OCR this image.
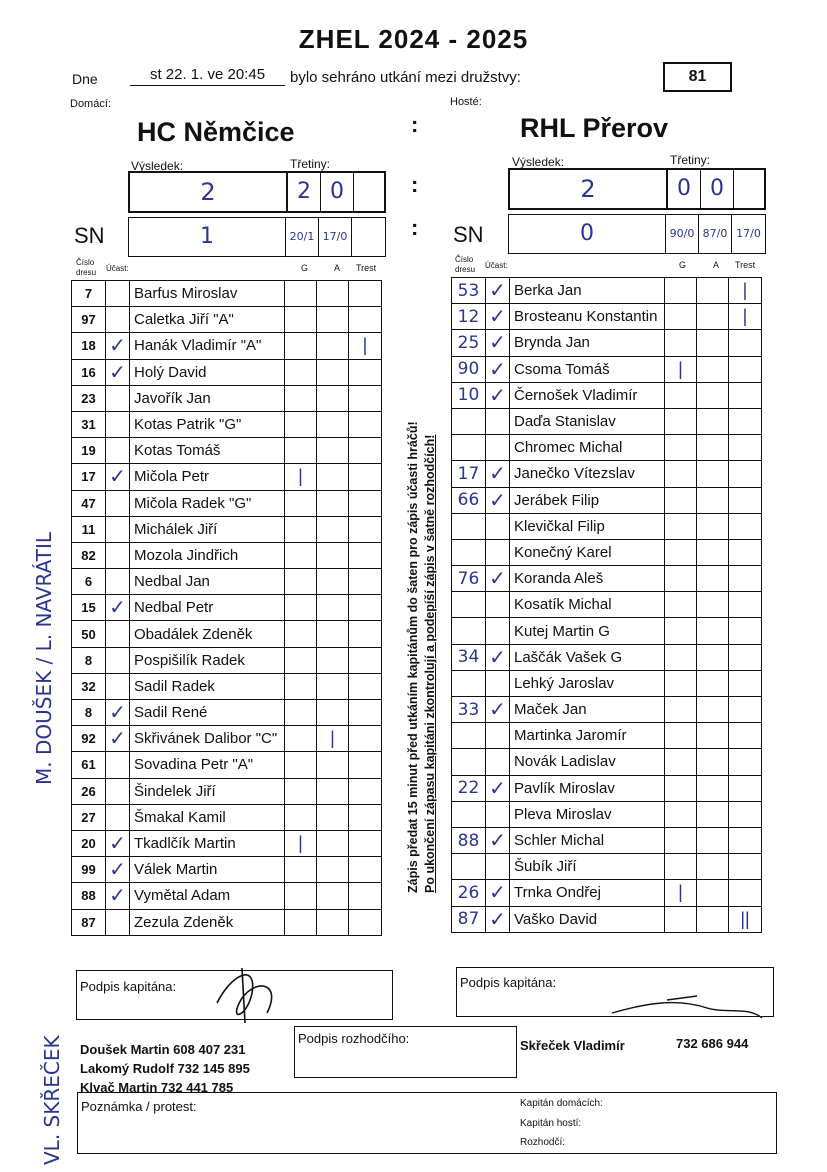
ZHEL 2024 - 2025
Dne	st 22. 1. ve 20:45	bylo sehráno utkání mezi družstvy:	81
Domácí:	Hosté:
HC Němčice	RHL Přerov
:
:
:
Výsledek:	Třetiny:
2	2 0
SN	1	20/1 17/0
Výsledek:	Třetiny:
2	0 0
SN	0	90/0 87/0 17/0
Číslo dresu	Účast:	G	A Trest
Číslo dresu	Účast:	G	A Trest
7		Barfus Miroslav			
97		Caletka Jiří "A"			
18	✓	Hanák Vladimír "A"			|
16	✓	Holý David			
23		Javořík Jan			
31		Kotas Patrik "G"			
19		Kotas Tomáš			
17	✓	Mičola Petr	|		
47		Mičola Radek "G"			
11		Michálek Jiří			
82		Mozola Jindřich			
6		Nedbal Jan			
15	✓	Nedbal Petr			
50		Obadálek Zdeněk			
8		Pospišilík Radek			
32		Sadil Radek			
8	✓	Sadil René			
92	✓	Skřivánek Dalibor "C"		|	
61		Sovadina Petr "A"			
26		Šindelek Jiří			
27		Šmakal Kamil			
20	✓	Tkadlčík Martin	|		
99	✓	Válek Martin			
88	✓	Vymětal Adam			
87		Zezula Zdeněk			
53	✓	Berka Jan			|
12	✓	Brosteanu Konstantin			|
25	✓	Brynda Jan			
90	✓	Csoma Tomáš	|		
10	✓	Černošek Vladimír			
		Daďa Stanislav			
		Chromec Michal			
17	✓	Janečko Vítezslav			
66	✓	Jerábek Filip			
		Klevičkal Filip			
		Konečný Karel			
76	✓	Koranda Aleš			
		Kosatík Michal			
		Kutej Martin G			
34	✓	Laščák Vašek G			
		Lehký Jaroslav			
33	✓	Maček Jan			
		Martinka Jaromír			
		Novák Ladislav			
22	✓	Pavlík Miroslav			
		Pleva Miroslav			
88	✓	Schler Michal			
		Šubík Jiří			
26	✓	Trnka Ondřej	|		
87	✓	Vaško David			||
Zápis předat 15 minut před utkáním kapitánům do šaten pro zápis účasti hráčů! Po ukončení zápasu kapitáni zkontrolují a podepíší zápis v šatně rozhodčích!
M. DOUŠEK / L. NAVRÁTIL
VL. SKŘEČEK
Podpis kapitána:	Podpis kapitána:
Doušek Martin 608 407 231
Lakomý Rudolf 732 145 895
Klvač Martin 732 441 785
Podpis rozhodčího:	Skřeček Vladimír	732 686 944
Poznámka / protest:	Kapitán domácích:
Kapitán hostí:
Rozhodčí:
